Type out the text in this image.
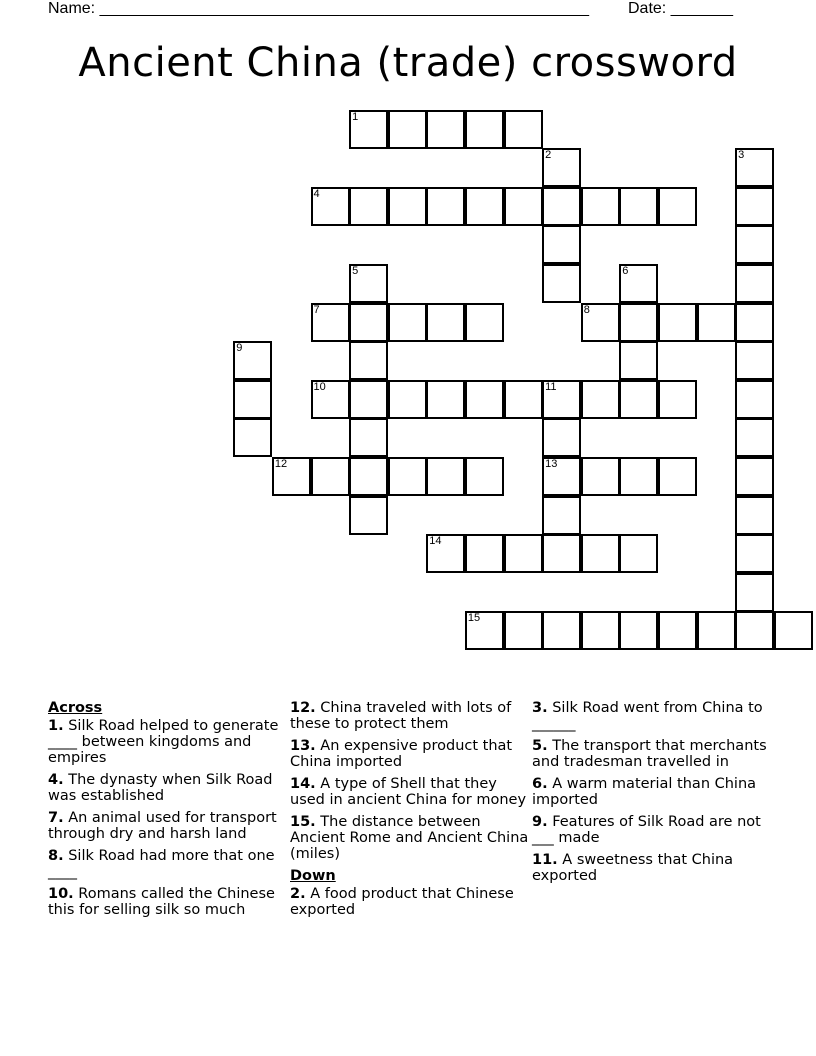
Name: _______________________________________________________ Date: _______
Ancient China (trade) crossword
1
4
7	8
10	11
12	13
14
15
2	3
5	6
9
Across
1. Silk Road helped to generate ____ between kingdoms and empires
4. The dynasty when Silk Road was established
7. An animal used for transport through dry and harsh land
8. Silk Road had more that one ____
10. Romans called the Chinese this for selling silk so much
12. China traveled with lots of these to protect them
13. An expensive product that China imported
14. A type of Shell that they used in ancient China for money
15. The distance between Ancient Rome and Ancient China (miles)
Down
2. A food product that Chinese exported
3. Silk Road went from China to ______
5. The transport that merchants and tradesman travelled in
6. A warm material than China imported
9. Features of Silk Road are not ___ made
11. A sweetness that China exported
